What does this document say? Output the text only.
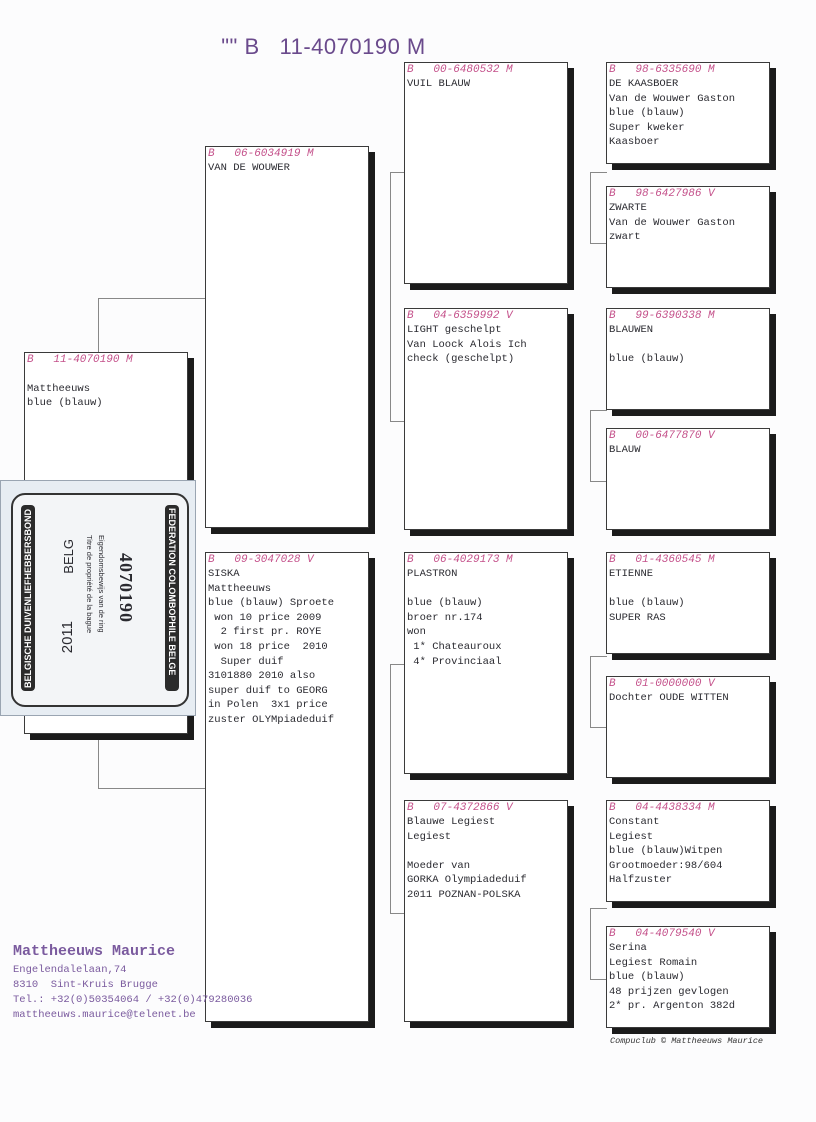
"" B   11-4070190 M

B   11-4070190 M
Mattheeuws
blue (blauw)
B   06-6034919 M
VAN DE WOUWER
B   09-3047028 V
SISKA
Mattheeuws
blue (blauw) Sproete
won 10 price 2009
2 first pr. ROYE
won 18 price  2010
Super duif
3101880 2010 also
super duif to GEORG
in Polen  3x1 price
zuster OLYMpiadeduif
B   00-6480532 M
VUIL BLAUW
B   04-6359992 V
LIGHT geschelpt
Van Loock Alois Ich
check (geschelpt)
B   06-4029173 M
PLASTRON
blue (blauw)
broer nr.174
won
1* Chateauroux
4* Provinciaal
B   07-4372866 V
Blauwe Legiest
Legiest
Moeder van
GORKA Olympiadeduif
2011 POZNAN-POLSKA
B   98-6335690 M
DE KAASBOER
Van de Wouwer Gaston
blue (blauw)
Super kweker
Kaasboer
B   98-6427986 V
ZWARTE
Van de Wouwer Gaston
zwart
B   99-6390338 M
BLAUWEN
blue (blauw)
B   00-6477870 V
BLAUW
B   01-4360545 M
ETIENNE
blue (blauw)
SUPER RAS
B   01-0000000 V
Dochter OUDE WITTEN
B   04-4438334 M
Constant
Legiest
blue (blauw)Witpen
Grootmoeder:98/604
Halfzuster
B   04-4079540 V
Serina
Legiest Romain
blue (blauw)
48 prijzen gevlogen
2* pr. Argenton 382d
BELGISCHE DUIVENLIEFHEBBERSBOND	FEDERATION COLOMBOPHILE BELGE
2011
BELG Titre de propriété de la bague Eigendomsbewijs van de ring 4070190
Mattheeuws Maurice
Engelendalelaan,74
8310  Sint-Kruis Brugge
Tel.: +32(0)50354064 / +32(0)479280036
mattheeuws.maurice@telenet.be
Compuclub © Mattheeuws Maurice
